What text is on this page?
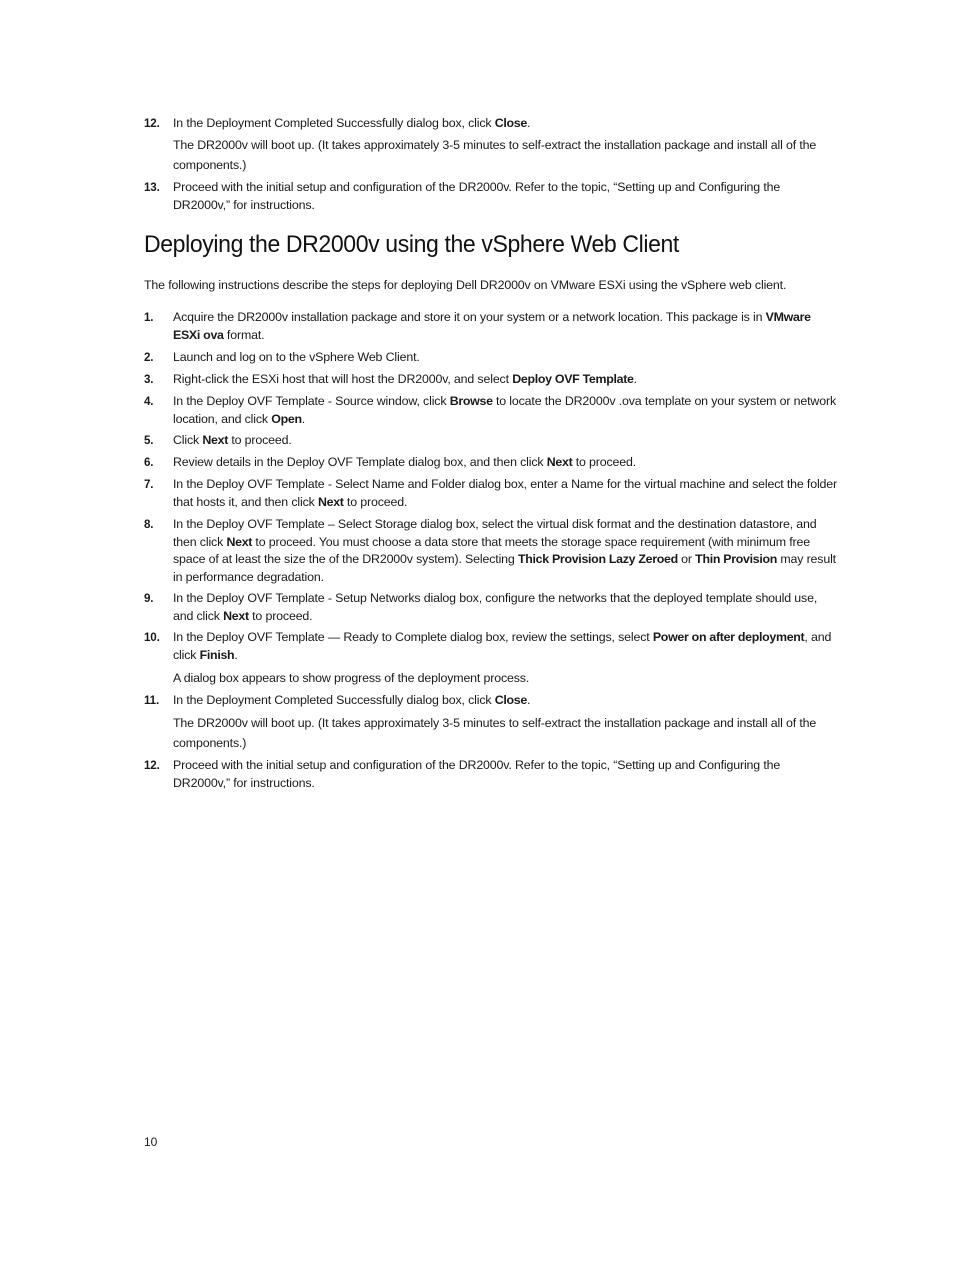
12. In the Deployment Completed Successfully dialog box, click Close.
The DR2000v will boot up. (It takes approximately 3-5 minutes to self-extract the installation package and install all of the components.)
13. Proceed with the initial setup and configuration of the DR2000v. Refer to the topic, “Setting up and Configuring the DR2000v,” for instructions.
Deploying the DR2000v using the vSphere Web Client
The following instructions describe the steps for deploying Dell DR2000v on VMware ESXi using the vSphere web client.
1. Acquire the DR2000v installation package and store it on your system or a network location. This package is in VMware ESXi ova format.
2. Launch and log on to the vSphere Web Client.
3. Right-click the ESXi host that will host the DR2000v, and select Deploy OVF Template.
4. In the Deploy OVF Template - Source window, click Browse to locate the DR2000v .ova template on your system or network location, and click Open.
5. Click Next to proceed.
6. Review details in the Deploy OVF Template dialog box, and then click Next to proceed.
7. In the Deploy OVF Template - Select Name and Folder dialog box, enter a Name for the virtual machine and select the folder that hosts it, and then click Next to proceed.
8. In the Deploy OVF Template – Select Storage dialog box, select the virtual disk format and the destination datastore, and then click Next to proceed. You must choose a data store that meets the storage space requirement (with minimum free space of at least the size the of the DR2000v system). Selecting Thick Provision Lazy Zeroed or Thin Provision may result in performance degradation.
9. In the Deploy OVF Template - Setup Networks dialog box, configure the networks that the deployed template should use, and click Next to proceed.
10. In the Deploy OVF Template — Ready to Complete dialog box, review the settings, select Power on after deployment, and click Finish.
A dialog box appears to show progress of the deployment process.
11. In the Deployment Completed Successfully dialog box, click Close.
The DR2000v will boot up. (It takes approximately 3-5 minutes to self-extract the installation package and install all of the components.)
12. Proceed with the initial setup and configuration of the DR2000v. Refer to the topic, “Setting up and Configuring the DR2000v,” for instructions.
10
